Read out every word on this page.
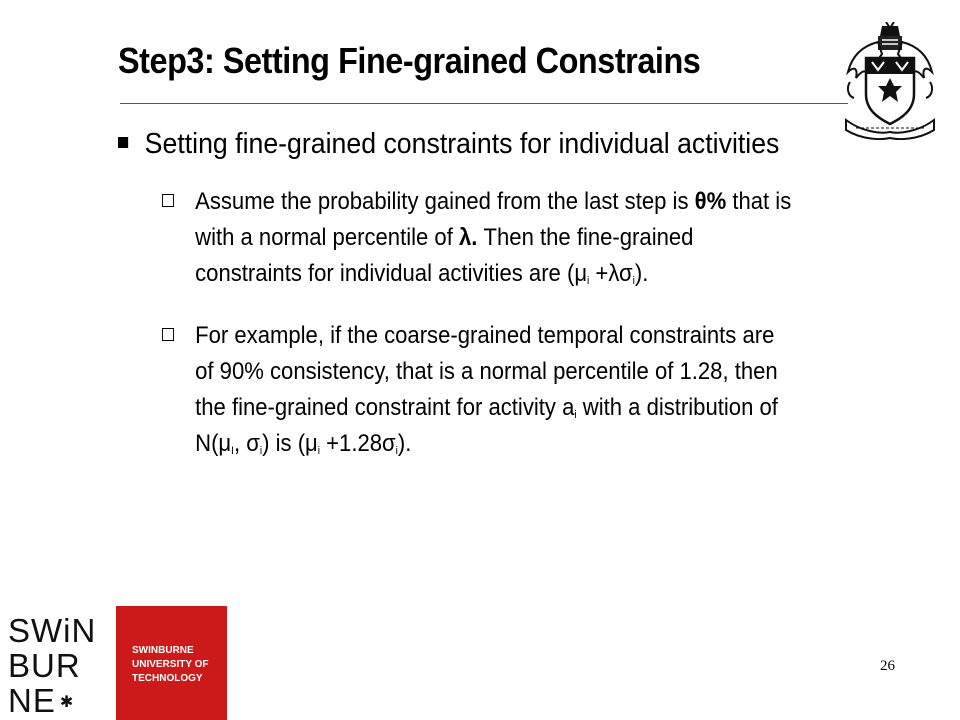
Step3: Setting Fine-grained Constrains
Setting fine-grained constraints for individual activities
Assume the probability gained from the last step is θ% that is
with a normal percentile of λ. Then the fine-grained
constraints for individual activities are $(\mu_i +\lambda\sigma_i)$.
For example, if the coarse-grained temporal constraints are
of 90% consistency, that is a normal percentile of 1.28, then
the fine-grained constraint for activity $a_i$ with a distribution of
$N(\mu_I$, $\sigma_i$) is $(\mu_i +1.28\sigma_i)$.
SWiN
BUR
NE ✱
SWINBURNE
UNIVERSITY OF
TECHNOLOGY
26
